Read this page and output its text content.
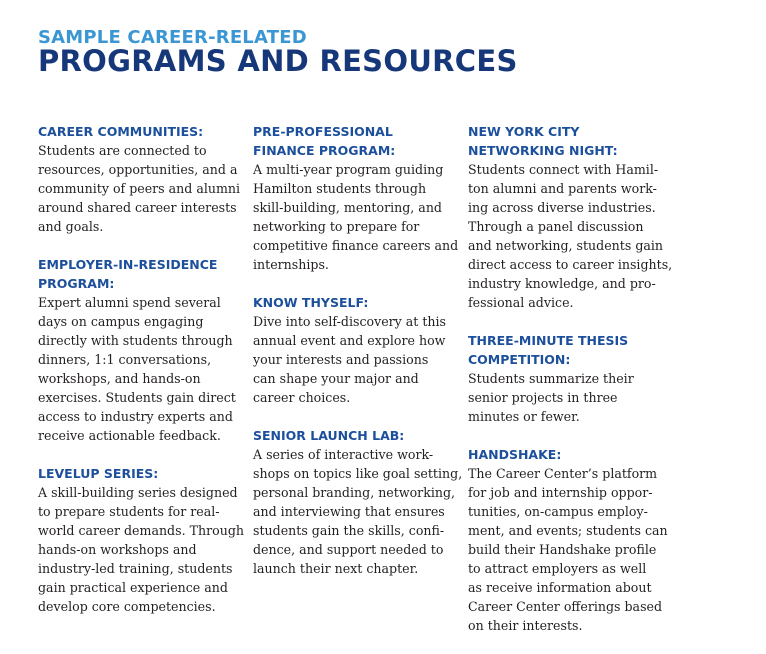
SAMPLE CAREER-RELATED
PROGRAMS AND RESOURCES
CAREER COMMUNITIES:
Students are connected to
resources, opportunities, and a
community of peers and alumni
around shared career interests
and goals.
EMPLOYER-IN-RESIDENCE
PROGRAM:
Expert alumni spend several
days on campus engaging
directly with students through
dinners, 1:1 conversations,
workshops, and hands-on
exercises. Students gain direct
access to industry experts and
receive actionable feedback.
LEVELUP SERIES:
A skill-building series designed
to prepare students for real-
world career demands. Through
hands-on workshops and
industry-led training, students
gain practical experience and
develop core competencies.
PRE-PROFESSIONAL
FINANCE PROGRAM:
A multi-year program guiding
Hamilton students through
skill-building, mentoring, and
networking to prepare for
competitive finance careers and
internships.
KNOW THYSELF:
Dive into self-discovery at this
annual event and explore how
your interests and passions
can shape your major and
career choices.
SENIOR LAUNCH LAB:
A series of interactive work-
shops on topics like goal setting,
personal branding, networking,
and interviewing that ensures
students gain the skills, confi-
dence, and support needed to
launch their next chapter.
NEW YORK CITY
NETWORKING NIGHT:
Students connect with Hamil-
ton alumni and parents work-
ing across diverse industries.
Through a panel discussion
and networking, students gain
direct access to career insights,
industry knowledge, and pro-
fessional advice.
THREE-MINUTE THESIS
COMPETITION:
Students summarize their
senior projects in three
minutes or fewer.
HANDSHAKE:
The Career Center’s platform
for job and internship oppor-
tunities, on-campus employ-
ment, and events; students can
build their Handshake profile
to attract employers as well
as receive information about
Career Center offerings based
on their interests.
